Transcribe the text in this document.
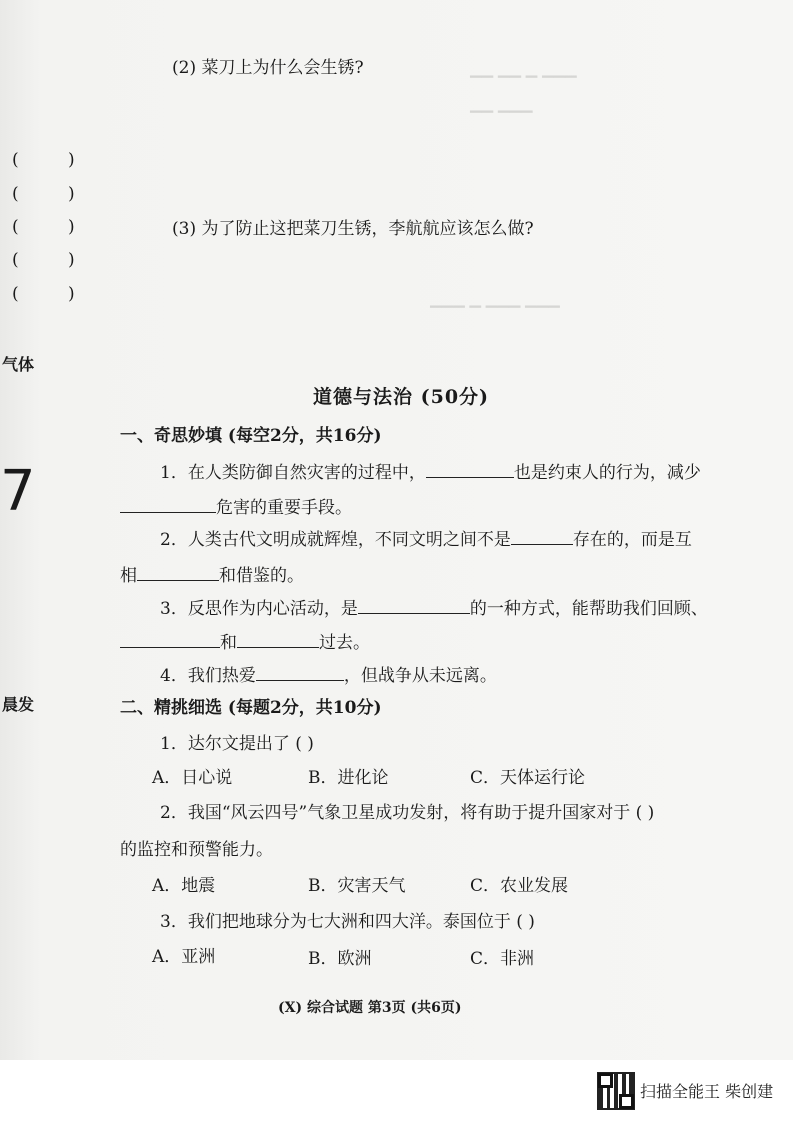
▁▁ ▁▁ ▁ ▁▁▁
▁▁ ▁▁▁
▁▁▁ ▁ ▁▁▁ ▁▁▁
( )
( )
( )
( )
( )
气体
7
晨发
(2) 菜刀上为什么会生锈?
(3) 为了防止这把菜刀生锈，李航航应该怎么做?
道德与法治 (50分)
一、奇思妙填 (每空2分，共16分)
1．在人类防御自然灾害的过程中，	也是约束人的行为，减少
危害的重要手段。
2．人类古代文明成就辉煌，不同文明之间不是	存在的，而是互
相	和借鉴的。
3．反思作为内心活动，是	的一种方式，能帮助我们回顾、
和	过去。
4．我们热爱	，但战争从未远离。
二、精挑细选 (每题2分，共10分)
1．达尔文提出了 ( )
A．日心说	B．进化论	C．天体运行论
2．我国“风云四号”气象卫星成功发射，将有助于提升国家对于 ( )
的监控和预警能力。
A．地震	B．灾害天气	C．农业发展
3．我们把地球分为七大洲和四大洋。泰国位于 ( )
A．亚洲	B．欧洲	C．非洲
(X) 综合试题 第3页 (共6页)
扫描全能王 柴创建
